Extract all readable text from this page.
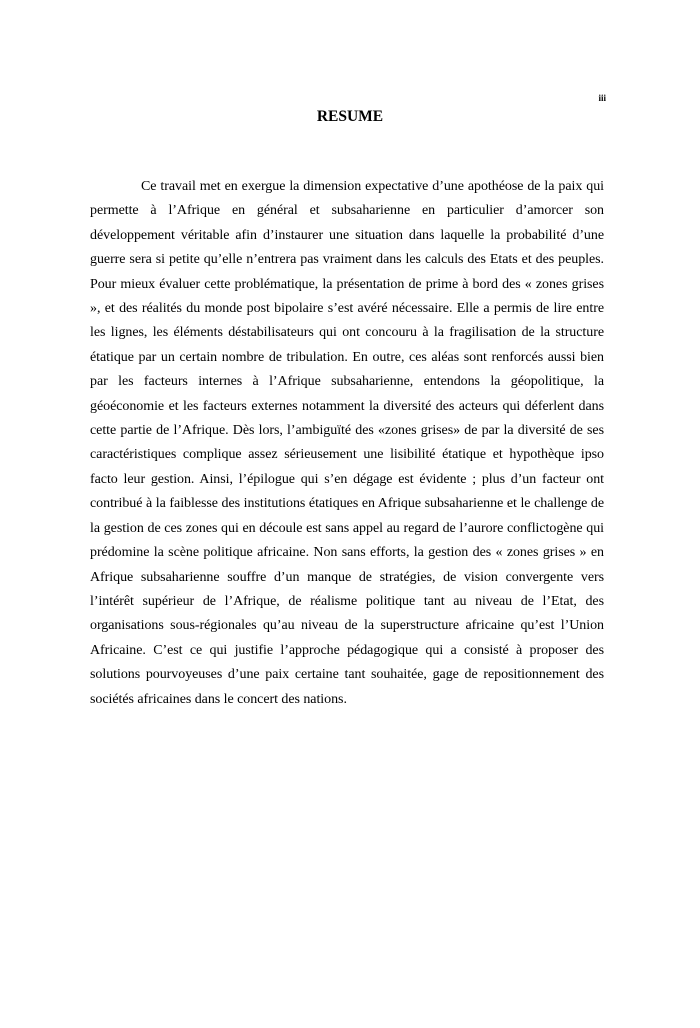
iii
RESUME

Ce travail met en exergue la dimension expectative d’une apothéose de la paix qui permette à l’Afrique en général et subsaharienne en particulier d’amorcer son développement véritable afin d’instaurer une situation dans laquelle la probabilité d’une guerre sera si petite qu’elle n’entrera pas vraiment dans les calculs des Etats et des peuples. Pour mieux évaluer cette problématique, la présentation de prime à bord des « zones grises », et des réalités du monde post bipolaire s’est avéré nécessaire. Elle a permis de lire entre les lignes, les éléments déstabilisateurs qui ont concouru à la fragilisation de la structure étatique par un certain nombre de tribulation. En outre, ces aléas sont renforcés aussi bien par les facteurs internes à l’Afrique subsaharienne, entendons la géopolitique, la géoéconomie et les facteurs externes notamment la diversité des acteurs qui déferlent dans cette partie de l’Afrique. Dès lors, l’ambiguïté des «zones grises» de par la diversité de ses caractéristiques complique assez sérieusement une lisibilité étatique et hypothèque ipso facto leur gestion. Ainsi, l’épilogue qui s’en dégage est évidente ; plus d’un facteur ont contribué à la faiblesse des institutions étatiques en Afrique subsaharienne et le challenge de la gestion de ces zones qui en découle est sans appel au regard de l’aurore conflictogène qui prédomine la scène politique africaine. Non sans efforts, la gestion des « zones grises » en Afrique subsaharienne souffre d’un manque de stratégies, de vision convergente vers l’intérêt supérieur de l’Afrique, de réalisme politique tant au niveau de l’Etat, des organisations sous-régionales qu’au niveau de la superstructure africaine qu’est l’Union Africaine. C’est ce qui justifie l’approche pédagogique qui a consisté à proposer des solutions pourvoyeuses d’une paix certaine tant souhaitée, gage de repositionnement des sociétés africaines dans le concert des nations.
